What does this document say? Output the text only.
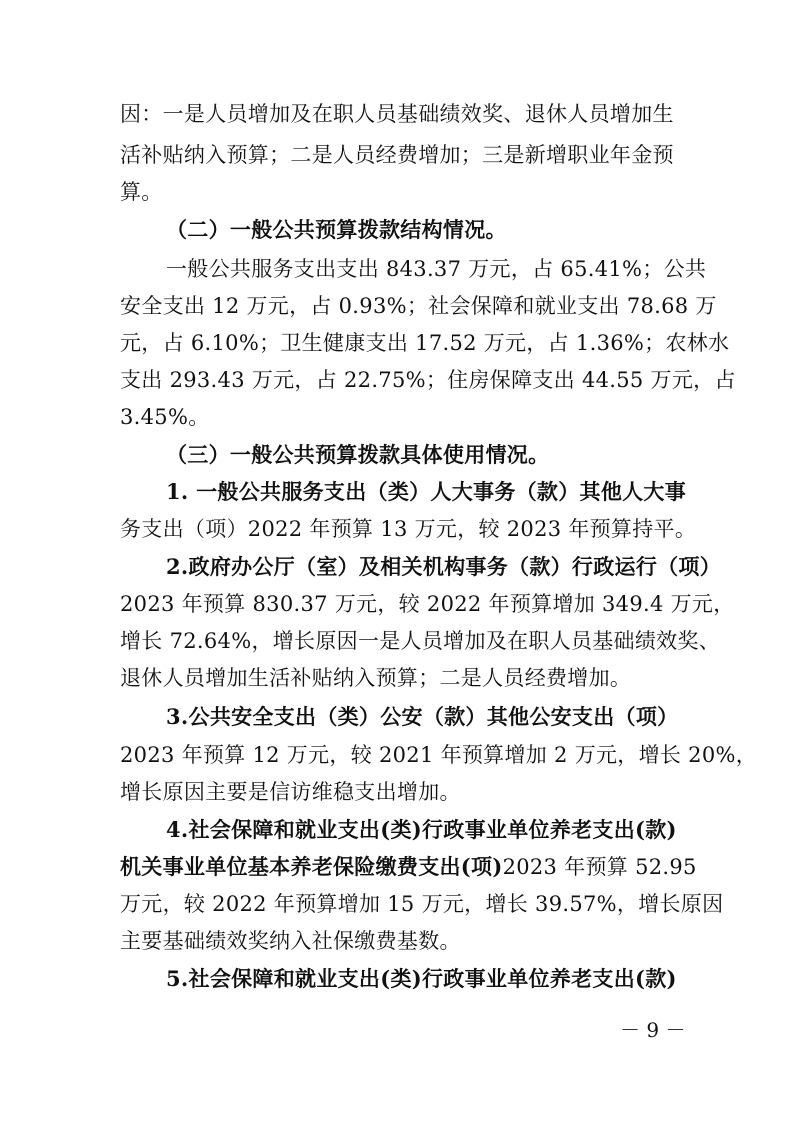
因：一是人员增加及在职人员基础绩效奖、退休人员增加生
活补贴纳入预算；二是人员经费增加；三是新增职业年金预
算。
（二）一般公共预算拨款结构情况。
一般公共服务支出支出 843.37 万元，占 65.41%；公共
安全支出 12 万元，占 0.93%；社会保障和就业支出 78.68 万
元，占 6.10%；卫生健康支出 17.52 万元，占 1.36%；农林水
支出 293.43 万元，占 22.75%；住房保障支出 44.55 万元，占
3.45%。
（三）一般公共预算拨款具体使用情况。
1. 一般公共服务支出（类）人大事务（款）其他人大事
务支出（项）2022 年预算 13 万元，较 2023 年预算持平。
2.政府办公厅（室）及相关机构事务（款）行政运行（项）
2023 年预算 830.37 万元，较 2022 年预算增加 349.4 万元，
增长 72.64%，增长原因一是人员增加及在职人员基础绩效奖、
退休人员增加生活补贴纳入预算；二是人员经费增加。
3.公共安全支出（类）公安（款）其他公安支出（项）
2023 年预算 12 万元，较 2021 年预算增加 2 万元，增长 20%，
增长原因主要是信访维稳支出增加。
4.社会保障和就业支出(类)行政事业单位养老支出(款)
机关事业单位基本养老保险缴费支出(项)2023 年预算 52.95
万元，较 2022 年预算增加 15 万元，增长 39.57%，增长原因
主要基础绩效奖纳入社保缴费基数。
5.社会保障和就业支出(类)行政事业单位养老支出(款)
－ 9 －
